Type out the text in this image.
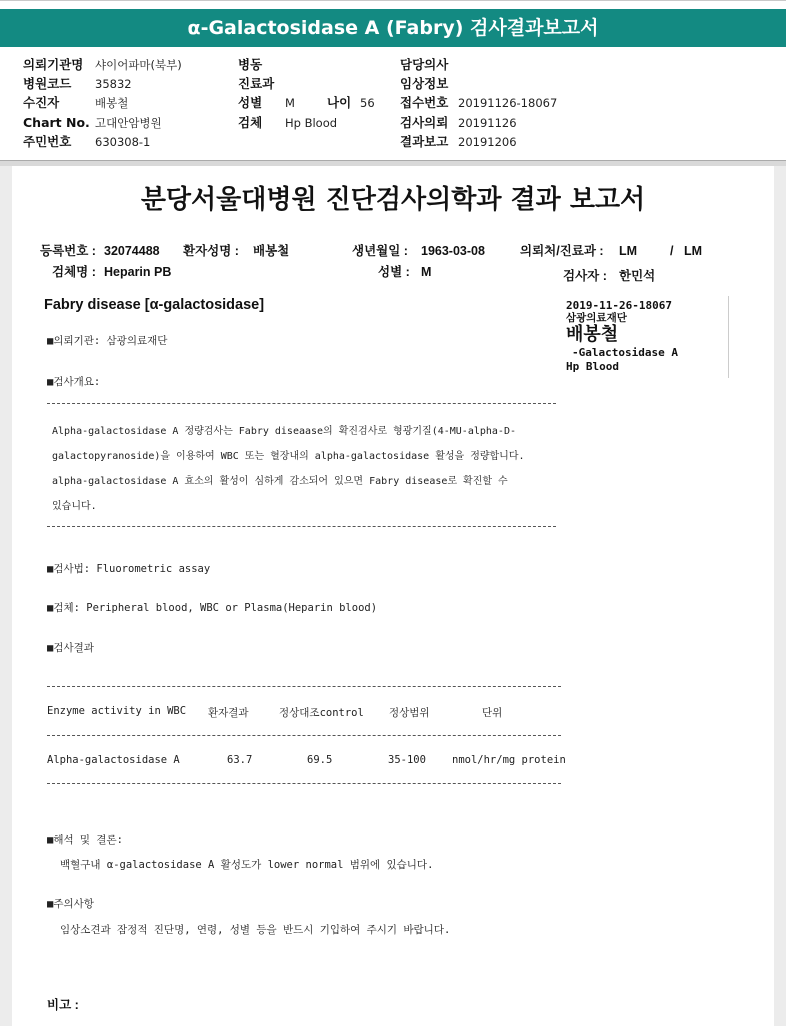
α-Galactosidase A (Fabry) 검사결과보고서
의뢰기관명 샤이어파마(북부)
병원코드 35832
수진자	배봉철
Chart No. 고대안암병원
주민번호 630308-1
병동
진료과
성별 M	나이 56
검체 Hp Blood
담당의사
임상정보
접수번호 20191126-18067
검사의뢰 20191126
결과보고 20191206
분당서울대병원 진단검사의학과 결과 보고서
등록번호 : 32074488 환자성명 : 배봉철	생년월일 : 1963-03-08	의뢰처/진료과 : LM	/ LM
검체명 : Heparin PB	성별 : M	검사자 : 한민석
Fabry disease [α-galactosidase]	2019-11-26-18067
삼광의료재단
배봉철
-Galactosidase A
Hp Blood
■의뢰기관: 삼광의료재단
■검사개요:
Alpha-galactosidase A 정량검사는 Fabry diseaase의 확진검사로 형광기질(4-MU-alpha-D-
galactopyranoside)을 이용하여 WBC 또는 혈장내의 alpha-galactosidase 활성을 정량합니다.
alpha-galactosidase A 효소의 활성이 심하게 감소되어 있으면 Fabry disease로 확진할 수
있습니다.
■검사법: Fluorometric assay
■검체: Peripheral blood, WBC or Plasma(Heparin blood)
■검사결과
Enzyme activity in WBC 환자결과	정상대조control 정상범위	단위
Alpha-galactosidase A	63.7	69.5	35-100 nmol/hr/mg protein
■해석 및 결론:
백혈구내 α-galactosidase A 활성도가 lower normal 범위에 있습니다.
■주의사항
임상소견과 잠정적 진단명, 연령, 성별 등을 반드시 기입하여 주시기 바랍니다.
비고 :
